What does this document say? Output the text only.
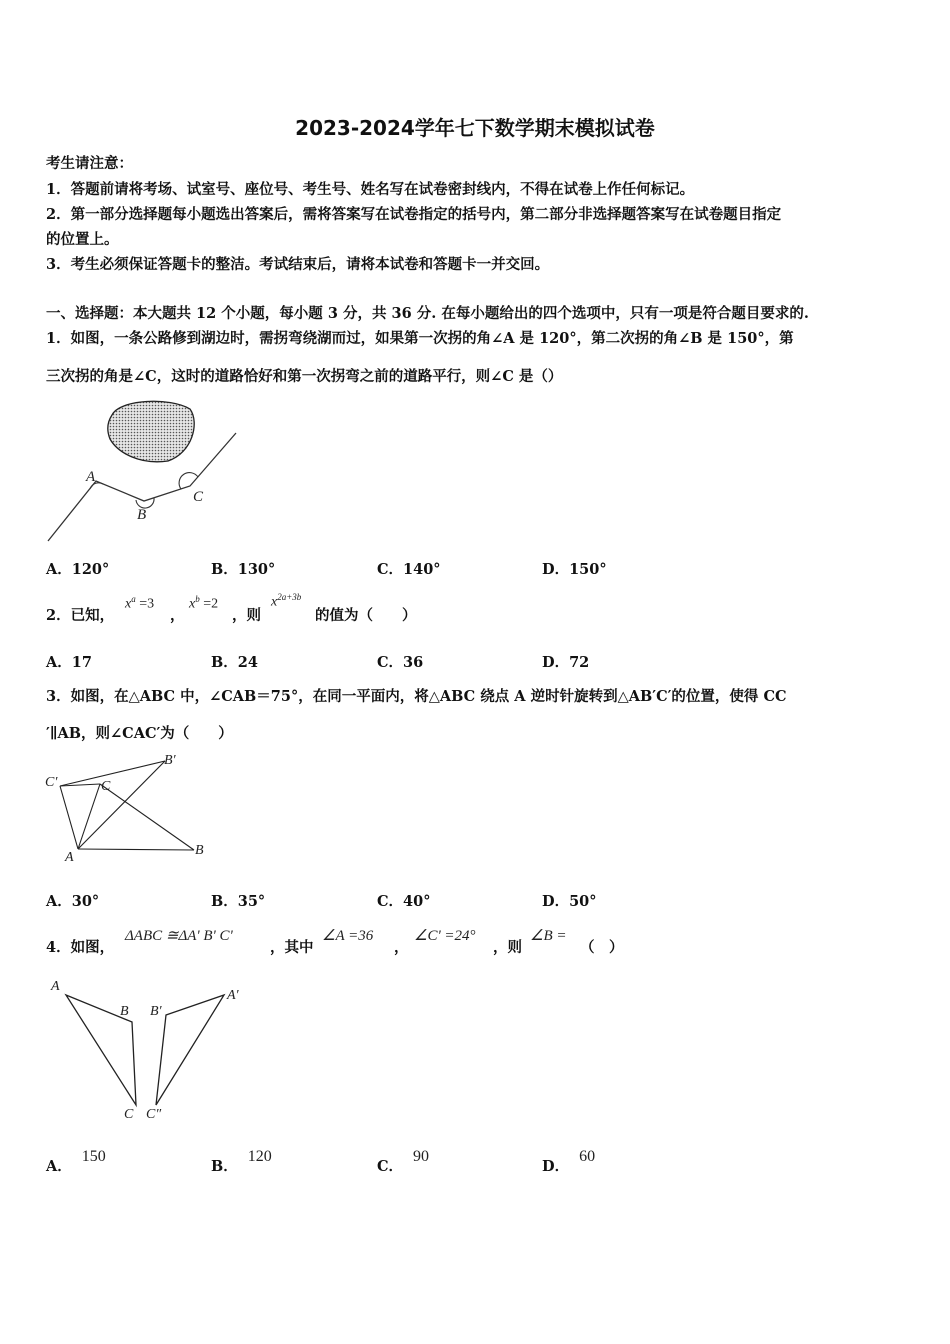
2023-2024学年七下数学期末模拟试卷
考生请注意：
1．答题前请将考场、试室号、座位号、考生号、姓名写在试卷密封线内，不得在试卷上作任何标记。
2．第一部分选择题每小题选出答案后，需将答案写在试卷指定的括号内，第二部分非选择题答案写在试卷题目指定
的位置上。
3．考生必须保证答题卡的整洁。考试结束后，请将本试卷和答题卡一并交回。
一、选择题：本大题共 12 个小题，每小题 3 分，共 36 分. 在每小题给出的四个选项中，只有一项是符合题目要求的.
1．如图，一条公路修到湖边时，需拐弯绕湖而过，如果第一次拐的角∠A 是 120°，第二次拐的角∠B 是 150°，第
三次拐的角是∠C，这时的道路恰好和第一次拐弯之前的道路平行，则∠C 是（）
A
B
C
A．120°	B．130°	C．140°	D．150°
2．已知，
$x^a =3$
，
$x^b =2$
，则
$x^{2a+3b}$
的值为（　　）
A．17	B．24	C．36	D．72
3．如图，在△ABC 中，∠CAB＝75°，在同一平面内，将△ABC 绕点 A 逆时针旋转到△AB′C′的位置，使得 CC
′∥AB，则∠CAC′为（　　）
C′	C
B′
A	B
A．30°	B．35°	C．40°	D．50°
4．如图，
ΔABC ≅ΔA' B' C'
，其中
∠A =36
，
∠C' =24°
，则
∠B =
（　）
A
B
C
B′
A′
C″
A．150
B．120
C．90
D．60
